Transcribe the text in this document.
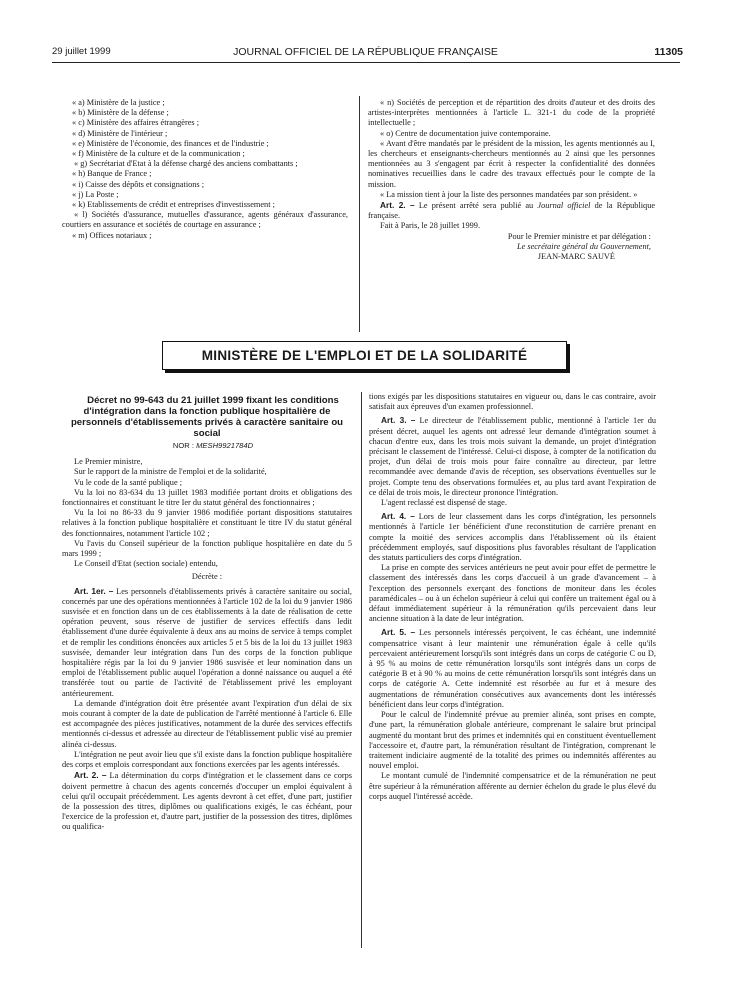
29 juillet 1999	JOURNAL OFFICIEL DE LA RÉPUBLIQUE FRANÇAISE	11305

« a) Ministère de la justice ;

« b) Ministère de la défense ;

« c) Ministère des affaires étrangères ;

« d) Ministère de l'intérieur ;

« e) Ministère de l'économie, des finances et de l'industrie ;

« f) Ministère de la culture et de la communication ;

« g) Secrétariat d'Etat à la défense chargé des anciens combattants ;

« h) Banque de France ;

« i) Caisse des dépôts et consignations ;

« j) La Poste ;

« k) Etablissements de crédit et entreprises d'investissement ;

« l) Sociétés d'assurance, mutuelles d'assurance, agents généraux d'assurance, courtiers en assurance et sociétés de courtage en assurance ;

« m) Offices notariaux ;

« n) Sociétés de perception et de répartition des droits d'auteur et des droits des artistes-interprètes mentionnées à l'article L. 321-1 du code de la propriété intellectuelle ;

« o) Centre de documentation juive contemporaine.

« Avant d'être mandatés par le président de la mission, les agents mentionnés au I, les chercheurs et enseignants-chercheurs mentionnés au 2 ainsi que les personnes mentionnées au 3 s'engagent par écrit à respecter la confidentialité des données nominatives recueillies dans le cadre des travaux effectués pour le compte de la mission.

« La mission tient à jour la liste des personnes mandatées par son président. »

Art. 2. – Le présent arrêté sera publié au Journal officiel de la République française.

Fait à Paris, le 28 juillet 1999.

Pour le Premier ministre et par délégation :

Le secrétaire général du Gouvernement,

JEAN-MARC SAUVÉ

MINISTÈRE DE L'EMPLOI ET DE LA SOLIDARITÉ

Décret no 99-643 du 21 juillet 1999 fixant les conditions d'intégration dans la fonction publique hospitalière de personnels d'établissements privés à caractère sanitaire ou social

NOR : MESH9921784D

Le Premier ministre,

Sur le rapport de la ministre de l'emploi et de la solidarité,

Vu le code de la santé publique ;

Vu la loi no 83-634 du 13 juillet 1983 modifiée portant droits et obligations des fonctionnaires et constituant le titre Ier du statut général des fonctionnaires ;

Vu la loi no 86-33 du 9 janvier 1986 modifiée portant dispositions statutaires relatives à la fonction publique hospitalière et constituant le titre IV du statut général des fonctionnaires, notamment l'article 102 ;

Vu l'avis du Conseil supérieur de la fonction publique hospitalière en date du 5 mars 1999 ;

Le Conseil d'Etat (section sociale) entendu,

Décrète :

Art. 1er. – Les personnels d'établissements privés à caractère sanitaire ou social, concernés par une des opérations mentionnées à l'article 102 de la loi du 9 janvier 1986 susvisée et en fonction dans un de ces établissements à la date de réalisation de cette opération peuvent, sous réserve de justifier de services effectifs dans ledit établissement d'une durée équivalente à deux ans au moins de service à temps complet et de remplir les conditions énoncées aux articles 5 et 5 bis de la loi du 13 juillet 1983 susvisée, demander leur intégration dans l'un des corps de la fonction publique hospitalière régis par la loi du 9 janvier 1986 susvisée et leur nomination dans un emploi de l'établissement public auquel l'opération a donné naissance ou auquel a été transférée tout ou partie de l'activité de l'établissement privé les employant antérieurement.

La demande d'intégration doit être présentée avant l'expiration d'un délai de six mois courant à compter de la date de publication de l'arrêté mentionné à l'article 6. Elle est accompagnée des pièces justificatives, notamment de la durée des services effectifs mentionnés ci-dessus et adressée au directeur de l'établissement public visé au premier alinéa ci-dessus.

L'intégration ne peut avoir lieu que s'il existe dans la fonction publique hospitalière des corps et emplois correspondant aux fonctions exercées par les agents intéressés.

Art. 2. – La détermination du corps d'intégration et le classement dans ce corps doivent permettre à chacun des agents concernés d'occuper un emploi équivalent à celui qu'il occupait précédemment. Les agents devront à cet effet, d'une part, justifier de la possession des titres, diplômes ou qualifications exigés, le cas échéant, pour l'exercice de la profession et, d'autre part, justifier de la possession des titres, diplômes ou qualifica-

tions exigés par les dispositions statutaires en vigueur ou, dans le cas contraire, avoir satisfait aux épreuves d'un examen professionnel.

Art. 3. – Le directeur de l'établissement public, mentionné à l'article 1er du présent décret, auquel les agents ont adressé leur demande d'intégration soumet à chacun d'entre eux, dans les trois mois suivant la demande, un projet d'intégration précisant le classement de l'intéressé. Celui-ci dispose, à compter de la notification du projet, d'un délai de trois mois pour faire connaître au directeur, par lettre recommandée avec demande d'avis de réception, ses observations éventuelles sur le projet. Compte tenu des observations formulées et, au plus tard avant l'expiration de ce délai de trois mois, le directeur prononce l'intégration.

L'agent reclassé est dispensé de stage.

Art. 4. – Lors de leur classement dans les corps d'intégration, les personnels mentionnés à l'article 1er bénéficient d'une reconstitution de carrière prenant en compte la moitié des services accomplis dans l'établissement où ils étaient précédemment employés, sauf dispositions plus favorables résultant de l'application des statuts particuliers des corps d'intégration.

La prise en compte des services antérieurs ne peut avoir pour effet de permettre le classement des intéressés dans les corps d'accueil à un grade d'avancement – à l'exception des personnels exerçant des fonctions de moniteur dans les écoles paramédicales – ou à un échelon supérieur à celui qui confère un traitement égal ou à défaut immédiatement supérieur à la rémunération qu'ils percevaient dans leur ancienne situation à la date de leur intégration.

Art. 5. – Les personnels intéressés perçoivent, le cas échéant, une indemnité compensatrice visant à leur maintenir une rémunération égale à celle qu'ils percevaient antérieurement lorsqu'ils sont intégrés dans un corps de catégorie C ou D, à 95 % au moins de cette rémunération lorsqu'ils sont intégrés dans un corps de catégorie B et à 90 % au moins de cette rémunération lorsqu'ils sont intégrés dans un corps de catégorie A. Cette indemnité est résorbée au fur et à mesure des augmentations de rémunération consécutives aux avancements dont les intéressés bénéficient dans leur corps d'intégration.

Pour le calcul de l'indemnité prévue au premier alinéa, sont prises en compte, d'une part, la rémunération globale antérieure, comprenant le salaire brut principal augmenté du montant brut des primes et indemnités qui en constituent éventuellement l'accessoire et, d'autre part, la rémunération résultant de l'intégration, comprenant le traitement indiciaire augmenté de la totalité des primes ou indemnités afférentes au nouvel emploi.

Le montant cumulé de l'indemnité compensatrice et de la rémunération ne peut être supérieur à la rémunération afférente au dernier échelon du grade le plus élevé du corps auquel l'intéressé accède.
